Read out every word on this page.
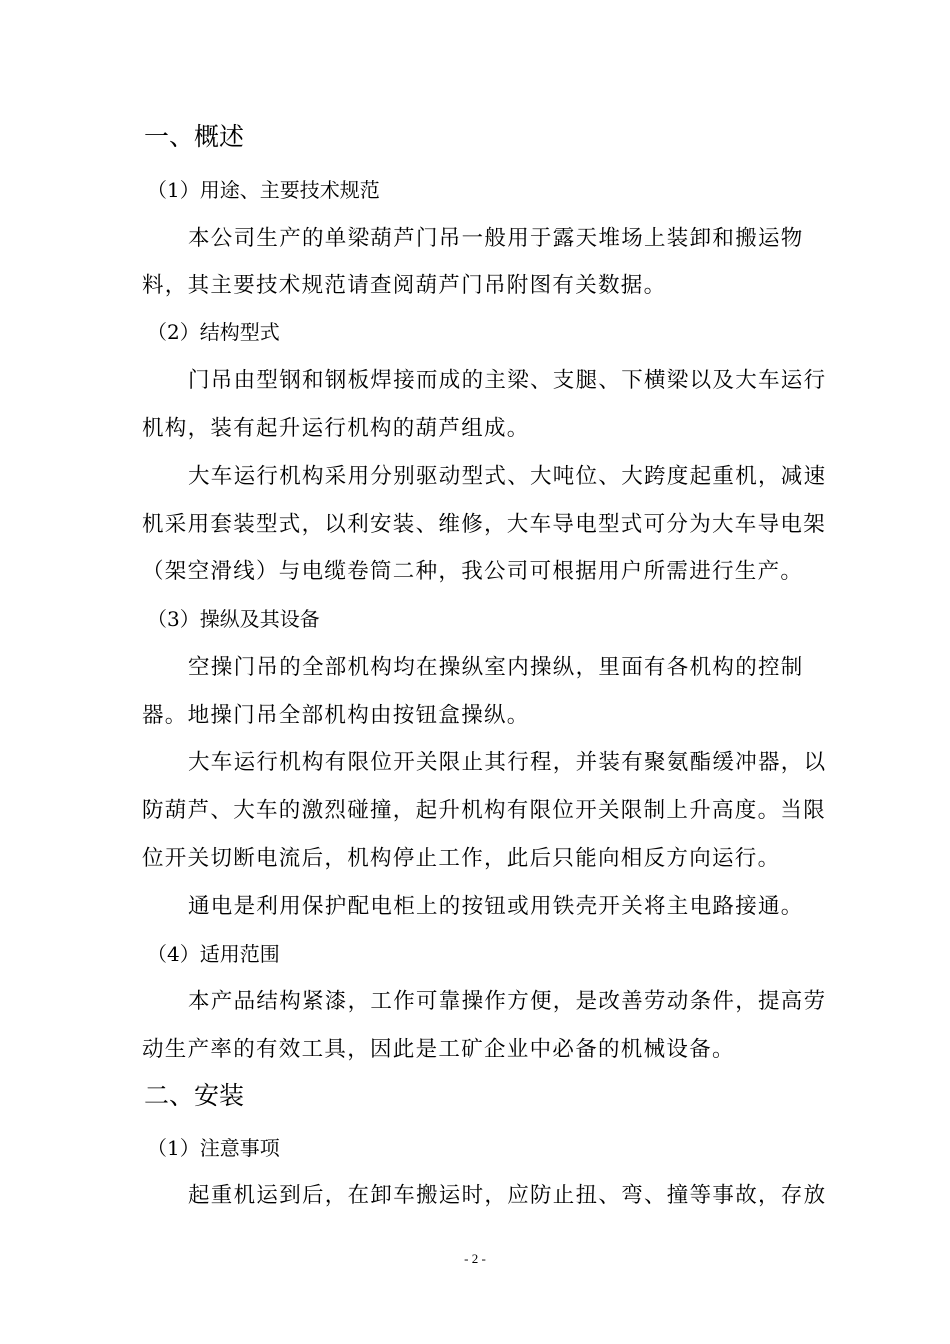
一、概述

（1）用途、主要技术规范

本公司生产的单梁葫芦门吊一般用于露天堆场上装卸和搬运物

料，其主要技术规范请查阅葫芦门吊附图有关数据。

（2）结构型式

门吊由型钢和钢板焊接而成的主梁、支腿、下横梁以及大车运行

机构，装有起升运行机构的葫芦组成。

大车运行机构采用分别驱动型式、大吨位、大跨度起重机，减速

机采用套装型式，以利安装、维修，大车导电型式可分为大车导电架

（架空滑线）与电缆卷筒二种，我公司可根据用户所需进行生产。

（3）操纵及其设备

空操门吊的全部机构均在操纵室内操纵，里面有各机构的控制

器。地操门吊全部机构由按钮盒操纵。

大车运行机构有限位开关限止其行程，并装有聚氨酯缓冲器，以

防葫芦、大车的激烈碰撞，起升机构有限位开关限制上升高度。当限

位开关切断电流后，机构停止工作，此后只能向相反方向运行。

通电是利用保护配电柜上的按钮或用铁壳开关将主电路接通。

（4）适用范围

本产品结构紧漆，工作可靠操作方便，是改善劳动条件，提高劳

动生产率的有效工具，因此是工矿企业中必备的机械设备。

二、安装

（1）注意事项

起重机运到后，在卸车搬运时，应防止扭、弯、撞等事故，存放

- 2 -
